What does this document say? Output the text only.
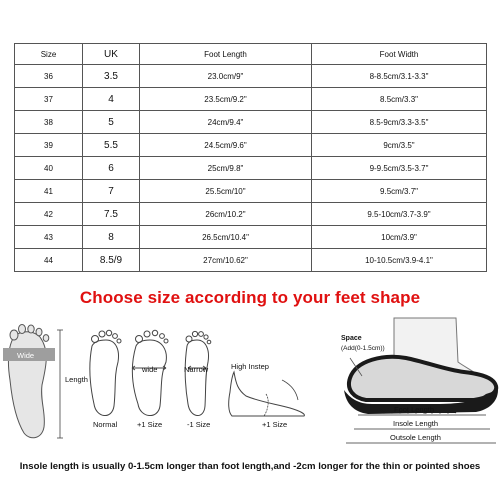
Size	UK	Foot Length	Foot Width
36	3.5	23.0cm/9"	8-8.5cm/3.1-3.3"
37	4	23.5cm/9.2"	8.5cm/3.3"
38	5	24cm/9.4"	8.5-9cm/3.3-3.5"
39	5.5	24.5cm/9.6"	9cm/3.5"
40	6	25cm/9.8"	9-9.5cm/3.5-3.7"
41	7	25.5cm/10"	9.5cm/3.7"
42	7.5	26cm/10.2"	9.5-10cm/3.7-3.9"
43	8	26.5cm/10.4"	10cm/3.9"
44	8.5/9	27cm/10.62"	10-10.5cm/3.9-4.1"
Choose size according to your feet shape
Wide
Length
wide	Narrow
Normal	+1 Size	-1 Size
High Instep
+1 Size
Space
(Add(0-1.5cm))
Foot Length
Insole Length
Outsole Length
Insole length is usually 0-1.5cm longer than foot length,and -2cm longer for the thin or pointed shoes
